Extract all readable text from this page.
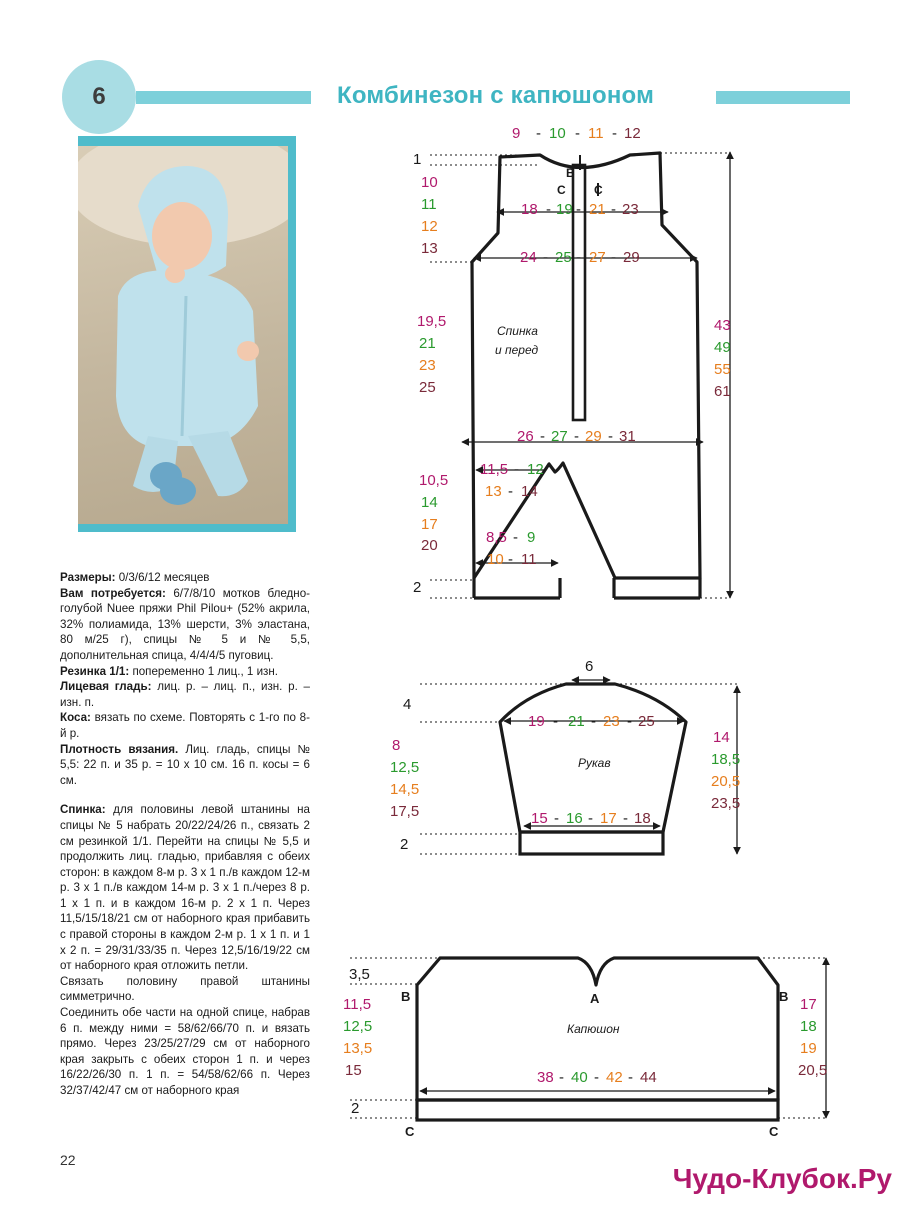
6	Комбинезон с капюшоном

Размеры: 0/3/6/12 месяцев

Вам потребуется: 6/7/8/10 мотков бледно-голубой Nuee пряжи Phil Pilou+ (52% акрила, 32% полиамида, 13% шерсти, 3% эластана, 80 м/25 г), спицы № 5 и № 5,5, дополнительная спица, 4/4/4/5 пуговиц.

Резинка 1/1: попеременно 1 лиц., 1 изн.

Лицевая гладь: лиц. р. – лиц. п., изн. р. – изн. п.

Коса: вязать по схеме. Повторять с 1-го по 8-й р.

Плотность вязания. Лиц. гладь, спицы № 5,5: 22 п. и 35 р. = 10 х 10 см. 16 п. косы = 6 см.

Спинка: для половины левой штанины на спицы № 5 набрать 20/22/24/26 п., связать 2 см резинкой 1/1. Перейти на спицы № 5,5 и продолжить лиц. гладью, прибавляя с обеих сторон: в каждом 8-м р. 3 х 1 п./в каждом 12-м р. 3 х 1 п./в каждом 14-м р. 3 х 1 п./через 8 р. 1 х 1 п. и в каждом 16-м р. 2 х 1 п. Через 11,5/15/18/21 см от наборного края прибавить с правой стороны в каждом 2-м р. 1 х 1 п. и 1 х 2 п. = 29/31/33/35 п. Через 12,5/16/19/22 см от наборного края отложить петли.

Связать половину правой штанины симметрично.

Соединить обе части на одной спице, набрав 6 п. между ними = 58/62/66/70 п. и вязать прямо. Через 23/25/27/29 см от наборного края закрыть с обеих сторон 1 п. и через 16/22/26/30 п. 1 п. = 54/58/62/66 п. Через 32/37/42/47 см от наборного края

22
Чудо-Клубок.Ру
9 - 10 - 11 - 12
В
С С
18 - 19 - 21 - 23
24 - 25 - 27 - 29
Спинка
и перед
26 - 27 - 29 - 31
11,5 - 12
13 - 14
8,5 - 9
10 - 11
1
10
11
12
13
19,5
21
23
25
10,5
14
17
20
2
43
49
55
61
6
4
19 - 21 - 23 - 25
Рукав
15 - 16 - 17 - 18
8
12,5
14,5
17,5
2
14
18,5
20,5
23,5
3,5
А
В	В
С	С
Капюшон
38 - 40 - 42 - 44
11,5
12,5
13,5
15
2
17
18
19
20,5
